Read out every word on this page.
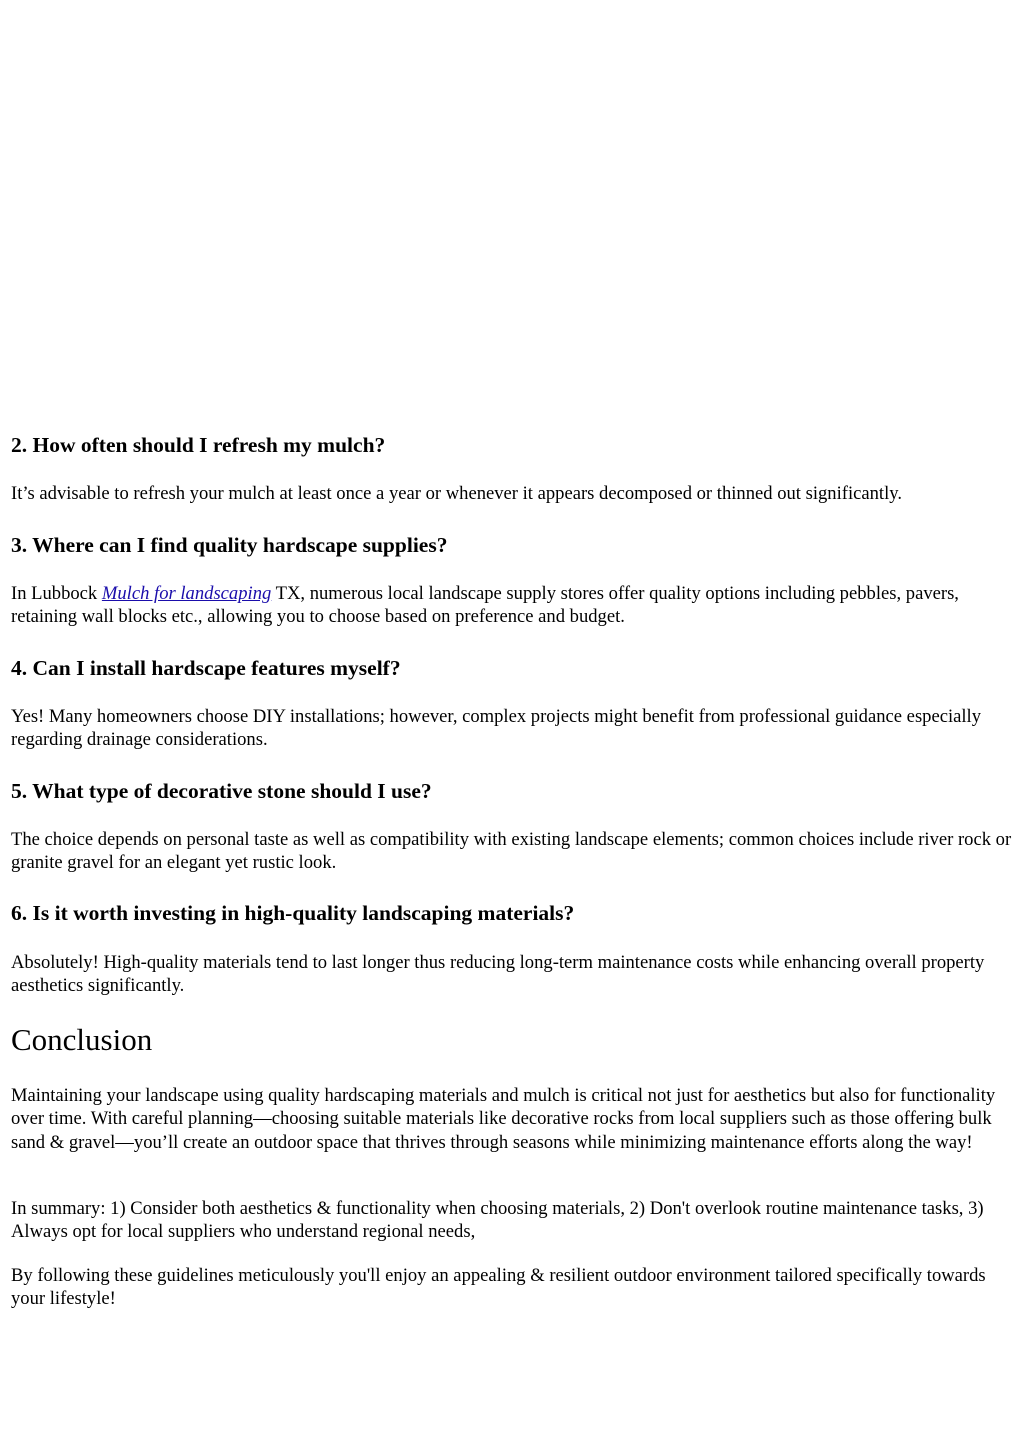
2. How often should I refresh my mulch?

It’s advisable to refresh your mulch at least once a year or whenever it appears decomposed or thinned out significantly.

3. Where can I find quality hardscape supplies?

In Lubbock Mulch for landscaping TX, numerous local landscape supply stores offer quality options including pebbles, pavers, retaining wall blocks etc., allowing you to choose based on preference and budget.

4. Can I install hardscape features myself?

Yes! Many homeowners choose DIY installations; however, complex projects might benefit from professional guidance especially regarding drainage considerations.

5. What type of decorative stone should I use?

The choice depends on personal taste as well as compatibility with existing landscape elements; common choices include river rock or granite gravel for an elegant yet rustic look.

6. Is it worth investing in high-quality landscaping materials?

Absolutely! High-quality materials tend to last longer thus reducing long-term maintenance costs while enhancing overall property aesthetics significantly.

Conclusion

Maintaining your landscape using quality hardscaping materials and mulch is critical not just for aesthetics but also for functionality over time. With careful planning—choosing suitable materials like decorative rocks from local suppliers such as those offering bulk sand & gravel—you’ll create an outdoor space that thrives through seasons while minimizing maintenance efforts along the way!

In summary: 1) Consider both aesthetics & functionality when choosing materials, 2) Don't overlook routine maintenance tasks, 3) Always opt for local suppliers who understand regional needs,

By following these guidelines meticulously you'll enjoy an appealing & resilient outdoor environment tailored specifically towards your lifestyle!
